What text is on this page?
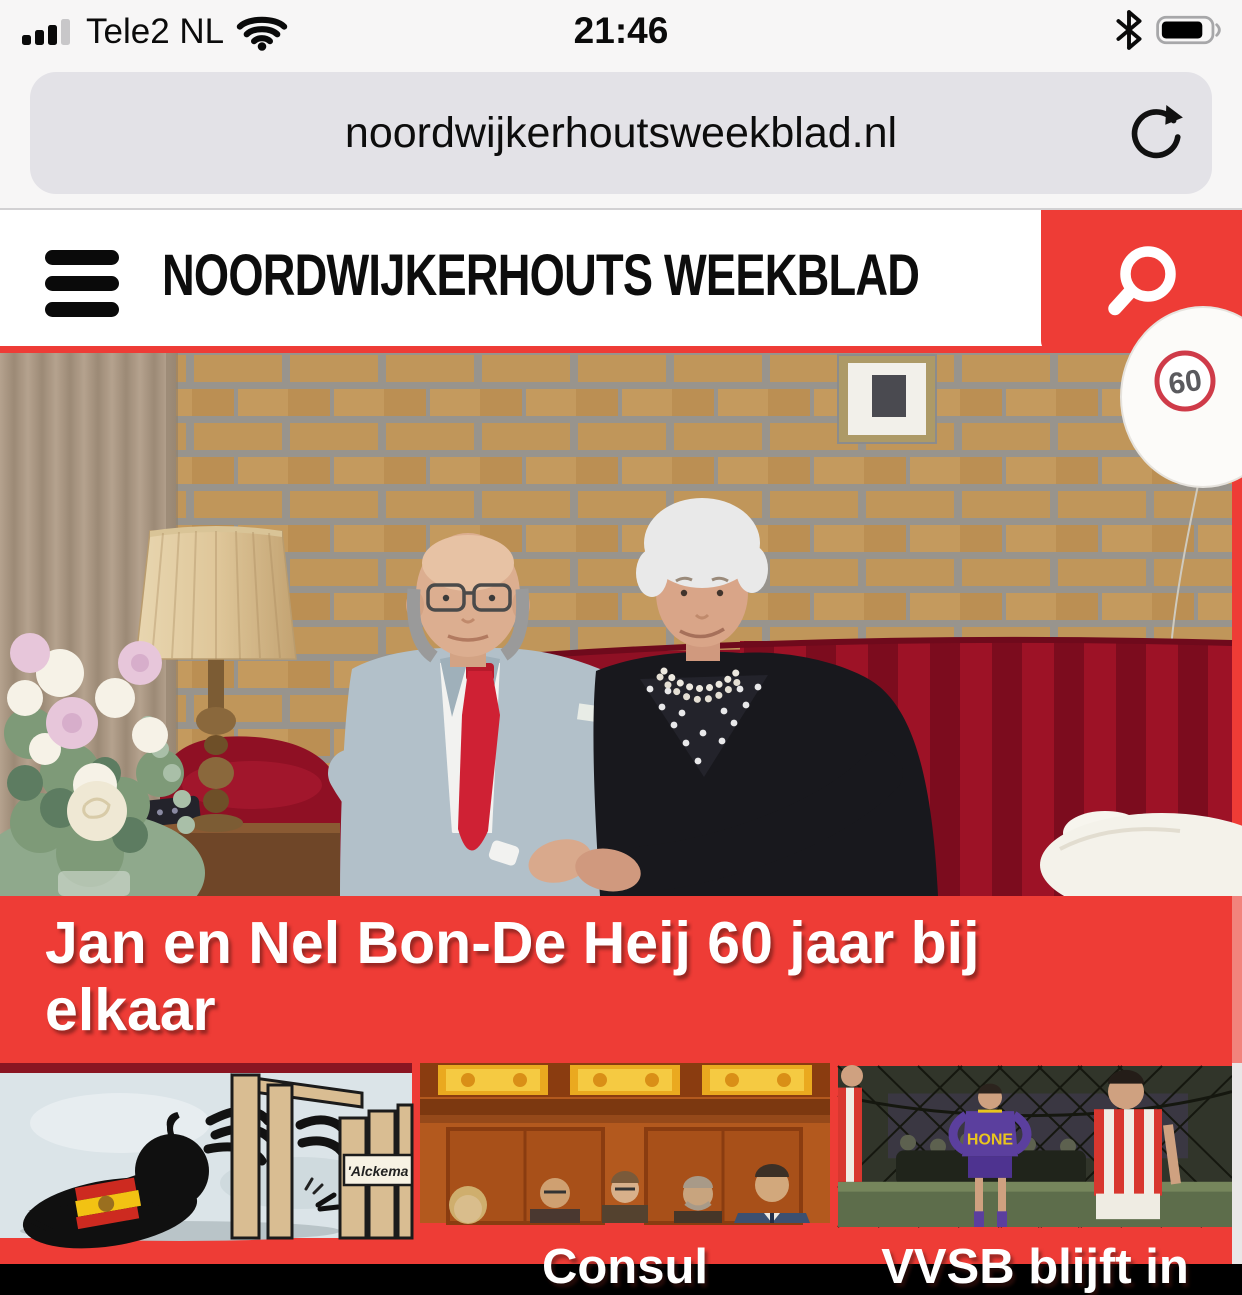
Tele2 NL	21:46
noordwijkerhoutsweekblad.nl
NOORDWIJKERHOUTS WEEKBLAD
60
Jan en Nel Bon-De Heij 60 jaar bij elkaar
'Alckema
HONE
Consul	VVSB blijft in
